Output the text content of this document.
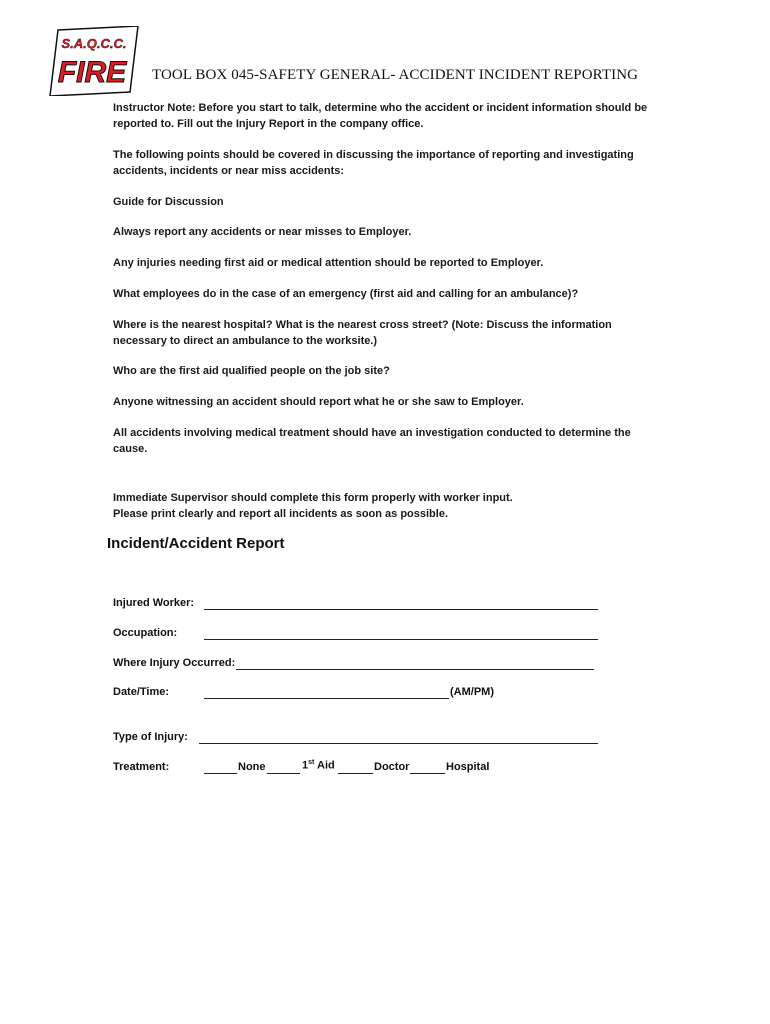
S.A.Q.C.C.
FIRE TOOL BOX 045-SAFETY GENERAL- ACCIDENT INCIDENT REPORTING
Instructor Note: Before you start to talk, determine who the accident or incident information should be reported to. Fill out the Injury Report in the company office.
The following points should be covered in discussing the importance of reporting and investigating accidents, incidents or near miss accidents:
Guide for Discussion
Always report any accidents or near misses to Employer.
Any injuries needing first aid or medical attention should be reported to Employer.
What employees do in the case of an emergency (first aid and calling for an ambulance)?
Where is the nearest hospital? What is the nearest cross street? (Note: Discuss the information necessary to direct an ambulance to the worksite.)
Who are the first aid qualified people on the job site?
Anyone witnessing an accident should report what he or she saw to Employer.
All accidents involving medical treatment should have an investigation conducted to determine the cause.
Immediate Supervisor should complete this form properly with worker input.
Please print clearly and report all incidents as soon as possible.
Incident/Accident Report
Injured Worker:
Occupation:
Where Injury Occurred:
Date/Time:	(AM/PM)
Type of Injury:
Treatment:	None	1st Aid	Doctor	Hospital
